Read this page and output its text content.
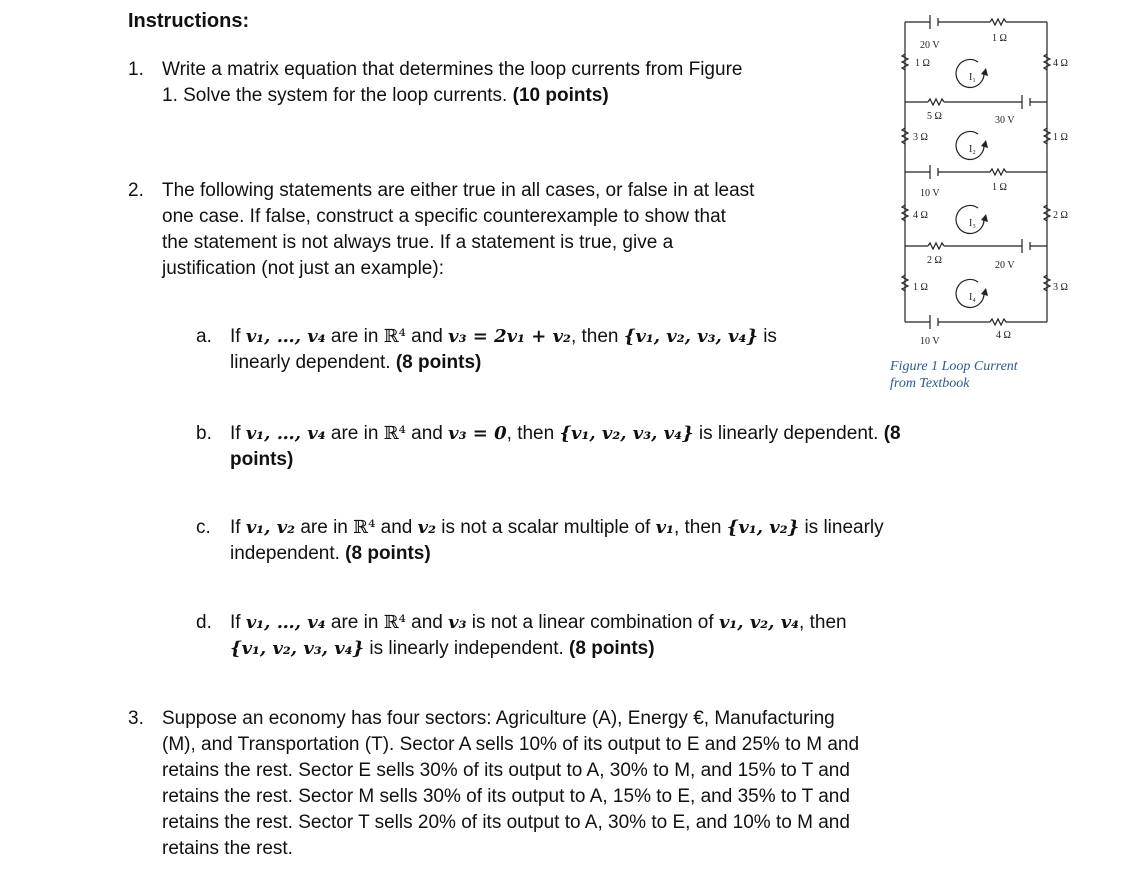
Instructions:
1. Write a matrix equation that determines the loop currents from Figure
1. Solve the system for the loop currents. (10 points)
2. The following statements are either true in all cases, or false in at least
one case. If false, construct a specific counterexample to show that
the statement is not always true. If a statement is true, give a
justification (not just an example):
a. If v₁, …, v₄ are in ℝ⁴ and v₃ = 2v₁ + v₂, then {v₁, v₂, v₃, v₄} is
linearly dependent. (8 points)
b. If v₁, …, v₄ are in ℝ⁴ and v₃ = 0, then {v₁, v₂, v₃, v₄} is linearly dependent. (8
points)
c. If v₁, v₂ are in ℝ⁴ and v₂ is not a scalar multiple of v₁, then {v₁, v₂} is linearly
independent. (8 points)
d. If v₁, …, v₄ are in ℝ⁴ and v₃ is not a linear combination of v₁, v₂, v₄, then
{v₁, v₂, v₃, v₄} is linearly independent. (8 points)
3. Suppose an economy has four sectors: Agriculture (A), Energy €, Manufacturing
(M), and Transportation (T). Sector A sells 10% of its output to E and 25% to M and
retains the rest. Sector E sells 30% of its output to A, 30% to M, and 15% to T and
retains the rest. Sector M sells 30% of its output to A, 15% to E, and 35% to T and
retains the rest. Sector T sells 20% of its output to A, 30% to E, and 10% to M and
retains the rest.
20 V
1 Ω
1 Ω	4 Ω
I₁
5 Ω	30 V
3 Ω
I₂
1 Ω
10 V
1 Ω
4 Ω
I₃
2 Ω
2 Ω	20 V
1 Ω
I₄
3 Ω
10 V
4 Ω
Figure 1 Loop Current
from Textbook
